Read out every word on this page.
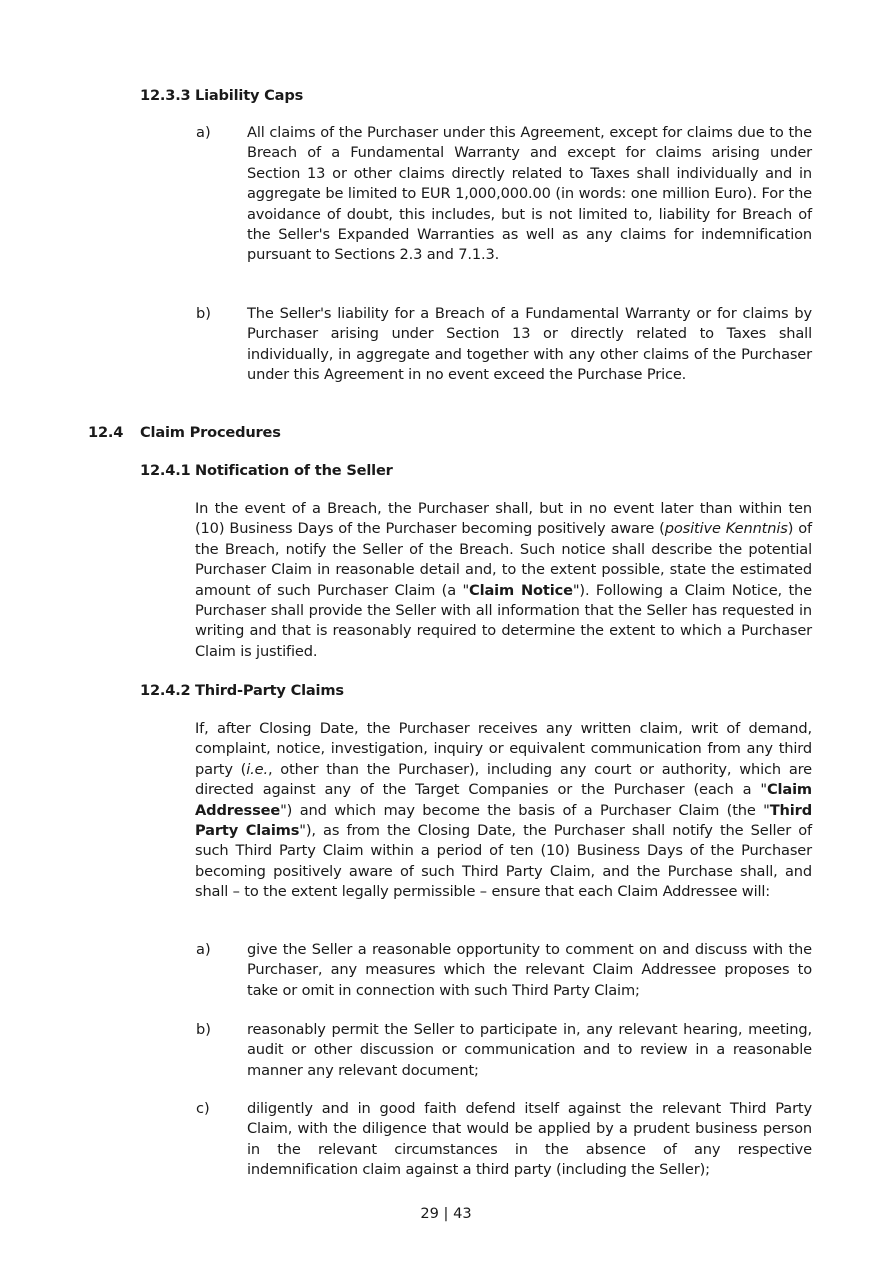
12.3.3 Liability Caps
a) All claims of the Purchaser under this Agreement, except for claims due to the Breach of a Fundamental Warranty and except for claims arising under Section 13 or other claims directly related to Taxes shall individually and in aggregate be limited to EUR 1,000,000.00 (in words: one million Euro). For the avoidance of doubt, this includes, but is not limited to, liability for Breach of the Seller's Expanded Warranties as well as any claims for indemnification pursuant to Sections 2.3 and 7.1.3.
b) The Seller's liability for a Breach of a Fundamental Warranty or for claims by Purchaser arising under Section 13 or directly related to Taxes shall individually, in aggregate and together with any other claims of the Purchaser under this Agreement in no event exceed the Purchase Price.
12.4 Claim Procedures
12.4.1 Notification of the Seller
In the event of a Breach, the Purchaser shall, but in no event later than within ten (10) Business Days of the Purchaser becoming positively aware (positive Kenntnis) of the Breach, notify the Seller of the Breach. Such notice shall describe the potential Purchaser Claim in reasonable detail and, to the extent possible, state the estimated amount of such Purchaser Claim (a "Claim Notice"). Following a Claim Notice, the Purchaser shall provide the Seller with all information that the Seller has requested in writing and that is reasonably required to determine the extent to which a Purchaser Claim is justified.
12.4.2 Third-Party Claims
If, after Closing Date, the Purchaser receives any written claim, writ of demand, complaint, notice, investigation, inquiry or equivalent communication from any third party (i.e., other than the Purchaser), including any court or authority, which are directed against any of the Target Companies or the Purchaser (each a "Claim Addressee") and which may become the basis of a Purchaser Claim (the "Third Party Claims"), as from the Closing Date, the Purchaser shall notify the Seller of such Third Party Claim within a period of ten (10) Business Days of the Purchaser becoming positively aware of such Third Party Claim, and the Purchase shall, and shall – to the extent legally permissible – ensure that each Claim Addressee will:
a) give the Seller a reasonable opportunity to comment on and discuss with the Purchaser, any measures which the relevant Claim Addressee proposes to take or omit in connection with such Third Party Claim;
b) reasonably permit the Seller to participate in, any relevant hearing, meeting, audit or other discussion or communication and to review in a reasonable manner any relevant document;
c)	diligently and in good faith defend itself against the relevant Third Party Claim, with the diligence that would be applied by a prudent business person in the relevant circumstances in the absence of any respective indemnification claim against a third party (including the Seller);
29 | 43
